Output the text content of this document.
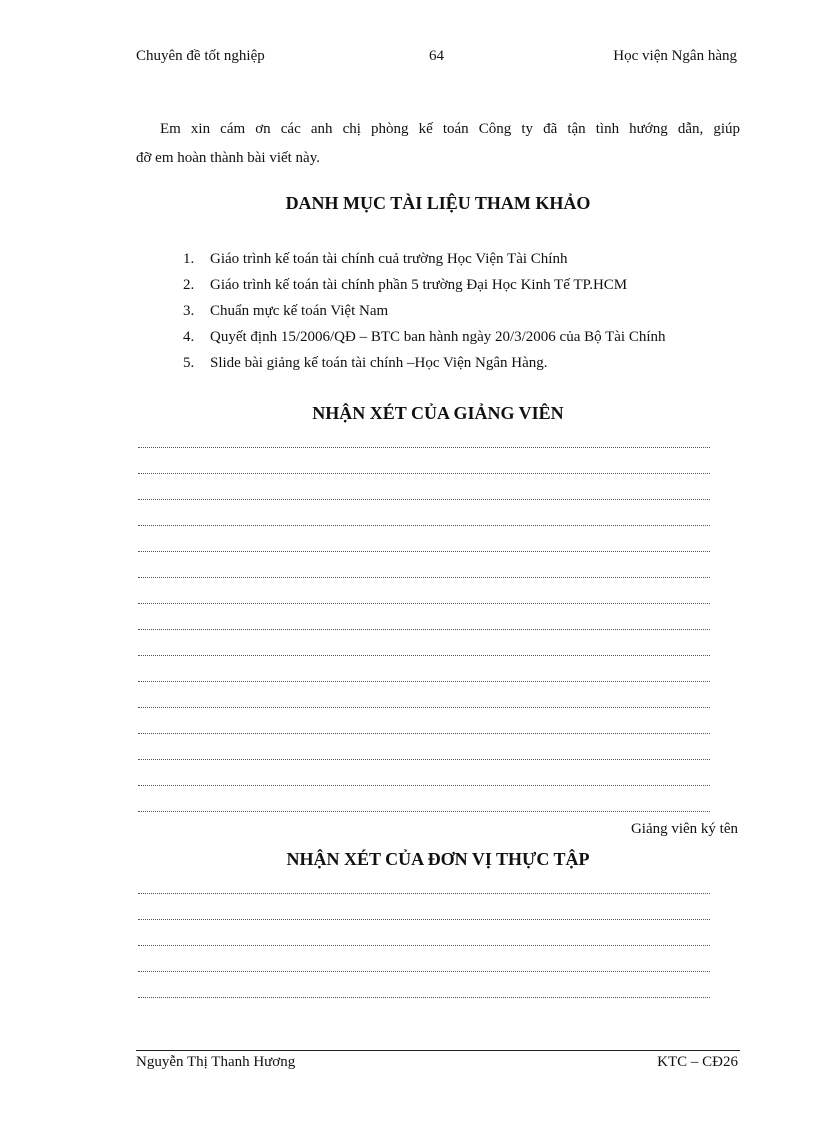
Chuyên đề tốt nghiệp	64	Học viện Ngân hàng
Em xin cám ơn các anh chị phòng kế toán Công ty đã tận tình hướng dẫn, giúp
đỡ em hoàn thành bài viết này.
DANH MỤC TÀI LIỆU THAM KHẢO
1. Giáo trình kế toán tài chính cuả trường Học Viện Tài Chính
2. Giáo trình kế toán tài chính phần 5 trường Đại Học Kinh Tế TP.HCM
3. Chuẩn mực kế toán Việt Nam
4. Quyết định 15/2006/QĐ – BTC ban hành ngày 20/3/2006 của Bộ Tài Chính
5. Slide bài giảng kế toán tài chính –Học Viện Ngân Hàng.
NHẬN XÉT CỦA GIẢNG VIÊN
Giảng viên ký tên
NHẬN XÉT CỦA ĐƠN VỊ THỰC TẬP
Nguyễn Thị Thanh Hương	KTC – CĐ26
